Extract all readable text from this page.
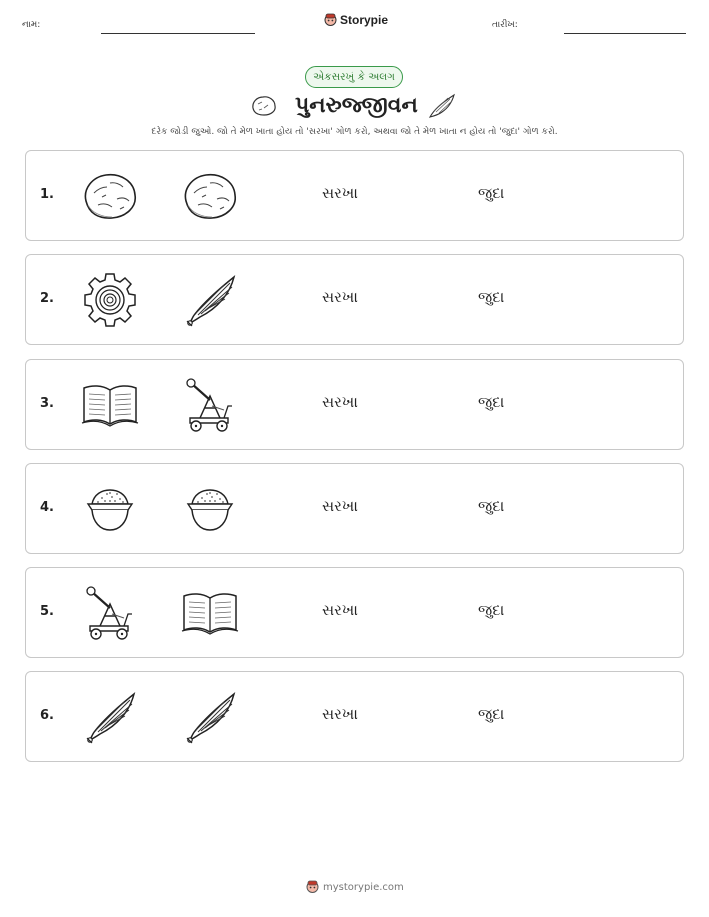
નામ:	Storypie	તારીખ:
એકસરખું કે અલગ
પુનરુજ્જીવન
દરેક જોડી જુઓ. જો તે મેળ ખાતા હોય તો 'સરખા' ગોળ કરો, અથવા જો તે મેળ ખાતા ન હોય તો 'જુદા' ગોળ કરો.
1.	સરખા	જુદા
2.	સરખા	જુદા
3.	સરખા	જુદા
4.	સરખા	જુદા
5.	સરખા	જુદા
6.	સરખા	જુદા
mystorypie.com
